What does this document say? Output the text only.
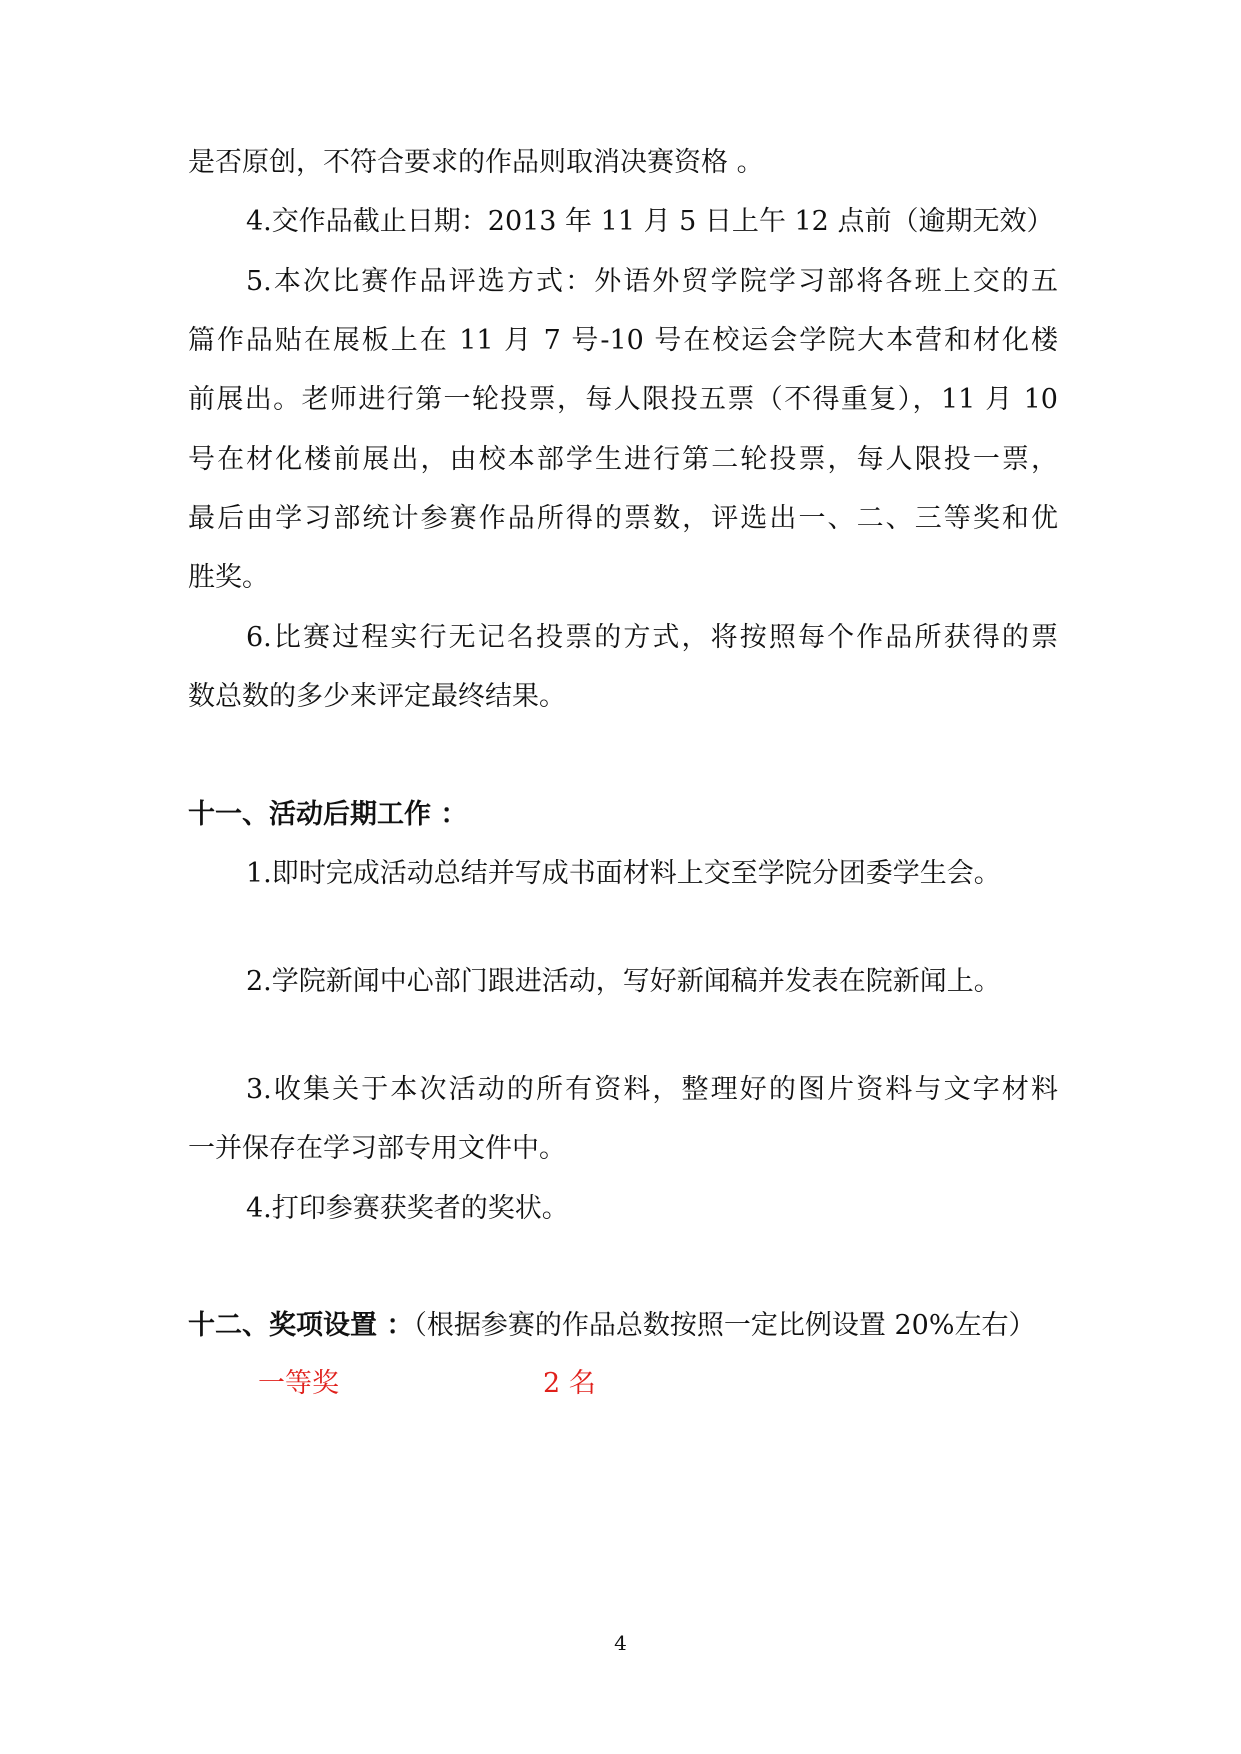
是否原创，不符合要求的作品则取消决赛资格 。
4.交作品截止日期：2013 年 11 月 5 日上午 12 点前（逾期无效）
5.本次比赛作品评选方式：外语外贸学院学习部将各班上交的五
篇作品贴在展板上在 11 月 7 号-10 号在校运会学院大本营和材化楼
前展出。老师进行第一轮投票，每人限投五票（不得重复），11 月 10
号在材化楼前展出，由校本部学生进行第二轮投票，每人限投一票，
最后由学习部统计参赛作品所得的票数，评选出一、二、三等奖和优
胜奖。
6.比赛过程实行无记名投票的方式，将按照每个作品所获得的票
数总数的多少来评定最终结果。
十一、活动后期工作 ：
1.即时完成活动总结并写成书面材料上交至学院分团委学生会。
2.学院新闻中心部门跟进活动，写好新闻稿并发表在院新闻上。
3.收集关于本次活动的所有资料，整理好的图片资料与文字材料
一并保存在学习部专用文件中。
4.打印参赛获奖者的奖状。
十二、奖项设置 ：（根据参赛的作品总数按照一定比例设置 20%左右）
一等奖	2 名
4
